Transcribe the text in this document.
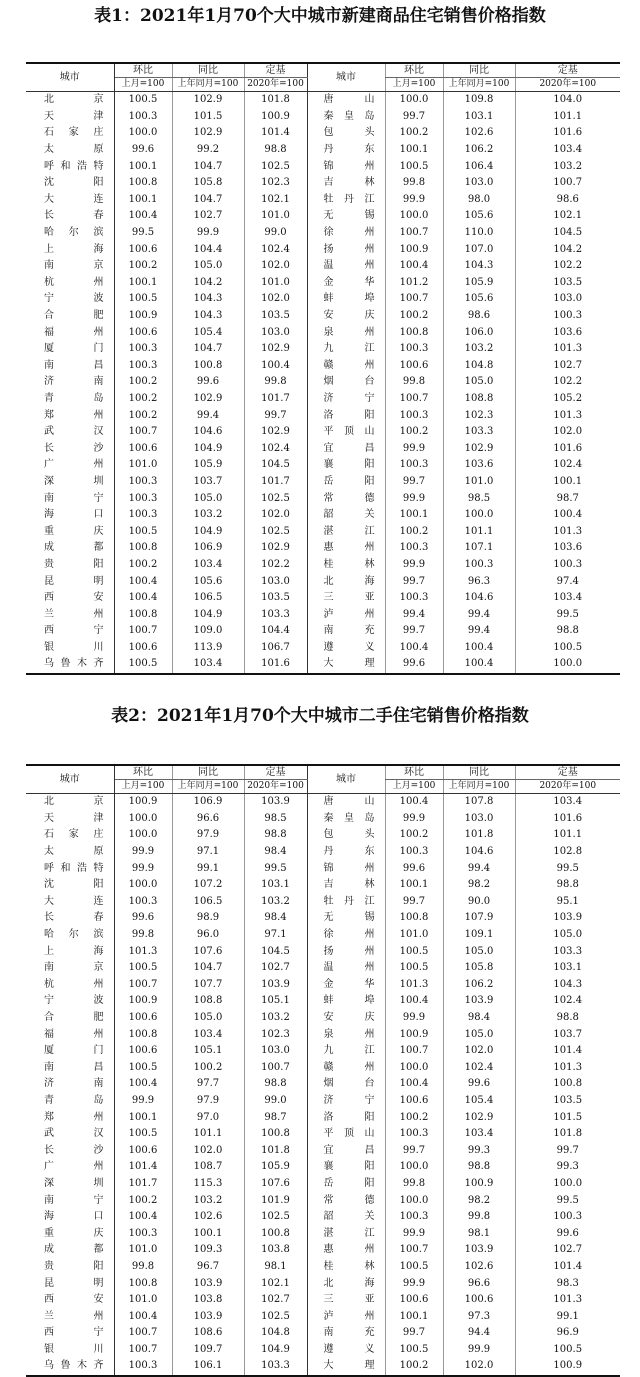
表1：2021年1月70个大中城市新建商品住宅销售价格指数
城市	环比	同比	定基	城市	环比	同比	定基
	上月=100	上年同月=100	2020年=100		上月=100	上年同月=100	2020年=100
北京	100.5	102.9	101.8	唐山	100.0	109.8	104.0
天津	100.3	101.5	100.9	秦皇岛	99.7	103.1	101.1
石家庄	100.0	102.9	101.4	包头	100.2	102.6	101.6
太原	99.6	99.2	98.8	丹东	100.1	106.2	103.4
呼和浩特	100.1	104.7	102.5	锦州	100.5	106.4	103.2
沈阳	100.8	105.8	102.3	吉林	99.8	103.0	100.7
大连	100.1	104.7	102.1	牡丹江	99.9	98.0	98.6
长春	100.4	102.7	101.0	无锡	100.0	105.6	102.1
哈尔滨	99.5	99.9	99.0	徐州	100.7	110.0	104.5
上海	100.6	104.4	102.4	扬州	100.9	107.0	104.2
南京	100.2	105.0	102.0	温州	100.4	104.3	102.2
杭州	100.1	104.2	101.0	金华	101.2	105.9	103.5
宁波	100.5	104.3	102.0	蚌埠	100.7	105.6	103.0
合肥	100.9	104.3	103.5	安庆	100.2	98.6	100.3
福州	100.6	105.4	103.0	泉州	100.8	106.0	103.6
厦门	100.3	104.7	102.9	九江	100.3	103.2	101.3
南昌	100.3	100.8	100.4	赣州	100.6	104.8	102.7
济南	100.2	99.6	99.8	烟台	99.8	105.0	102.2
青岛	100.2	102.9	101.7	济宁	100.7	108.8	105.2
郑州	100.2	99.4	99.7	洛阳	100.3	102.3	101.3
武汉	100.7	104.6	102.9	平顶山	100.2	103.3	102.0
长沙	100.6	104.9	102.4	宜昌	99.9	102.9	101.6
广州	101.0	105.9	104.5	襄阳	100.3	103.6	102.4
深圳	100.3	103.7	101.7	岳阳	99.7	101.0	100.1
南宁	100.3	105.0	102.5	常德	99.9	98.5	98.7
海口	100.3	103.2	102.0	韶关	100.1	100.0	100.4
重庆	100.5	104.9	102.5	湛江	100.2	101.1	101.3
成都	100.8	106.9	102.9	惠州	100.3	107.1	103.6
贵阳	100.2	103.4	102.2	桂林	99.9	100.3	100.3
昆明	100.4	105.6	103.0	北海	99.7	96.3	97.4
西安	100.4	106.5	103.5	三亚	100.3	104.6	103.4
兰州	100.8	104.9	103.3	泸州	99.4	99.4	99.5
西宁	100.7	109.0	104.4	南充	99.7	99.4	98.8
银川	100.6	113.9	106.7	遵义	100.4	100.4	100.5
乌鲁木齐	100.5	103.4	101.6	大理	99.6	100.4	100.0
表2：2021年1月70个大中城市二手住宅销售价格指数
城市	环比	同比	定基	城市	环比	同比	定基
	上月=100	上年同月=100	2020年=100		上月=100	上年同月=100	2020年=100
北京	100.9	106.9	103.9	唐山	100.4	107.8	103.4
天津	100.0	96.6	98.5	秦皇岛	99.9	103.0	101.6
石家庄	100.0	97.9	98.8	包头	100.2	101.8	101.1
太原	99.9	97.1	98.4	丹东	100.3	104.6	102.8
呼和浩特	99.9	99.1	99.5	锦州	99.6	99.4	99.5
沈阳	100.0	107.2	103.1	吉林	100.1	98.2	98.8
大连	100.3	106.5	103.2	牡丹江	99.7	90.0	95.1
长春	99.6	98.9	98.4	无锡	100.8	107.9	103.9
哈尔滨	99.8	96.0	97.1	徐州	101.0	109.1	105.0
上海	101.3	107.6	104.5	扬州	100.5	105.0	103.3
南京	100.5	104.7	102.7	温州	100.5	105.8	103.1
杭州	100.7	107.7	103.9	金华	101.3	106.2	104.3
宁波	100.9	108.8	105.1	蚌埠	100.4	103.9	102.4
合肥	100.6	105.0	103.2	安庆	99.9	98.4	98.8
福州	100.8	103.4	102.3	泉州	100.9	105.0	103.7
厦门	100.6	105.1	103.0	九江	100.7	102.0	101.4
南昌	100.5	100.2	100.7	赣州	100.0	102.4	101.3
济南	100.4	97.7	98.8	烟台	100.4	99.6	100.8
青岛	99.9	97.9	99.0	济宁	100.6	105.4	103.5
郑州	100.1	97.0	98.7	洛阳	100.2	102.9	101.5
武汉	100.5	101.1	100.8	平顶山	100.3	103.4	101.8
长沙	100.6	102.0	101.8	宜昌	99.7	99.3	99.7
广州	101.4	108.7	105.9	襄阳	100.0	98.8	99.3
深圳	101.7	115.3	107.6	岳阳	99.8	100.9	100.0
南宁	100.2	103.2	101.9	常德	100.0	98.2	99.5
海口	100.4	102.6	102.5	韶关	100.3	99.8	100.3
重庆	100.3	100.1	100.8	湛江	99.9	98.1	99.6
成都	101.0	109.3	103.8	惠州	100.7	103.9	102.7
贵阳	99.8	96.7	98.1	桂林	100.5	102.6	101.4
昆明	100.8	103.9	102.1	北海	99.9	96.6	98.3
西安	101.0	103.8	102.7	三亚	100.6	100.6	101.3
兰州	100.4	103.9	102.5	泸州	100.1	97.3	99.1
西宁	100.7	108.6	104.8	南充	99.7	94.4	96.9
银川	100.7	109.7	104.9	遵义	100.5	99.9	100.5
乌鲁木齐	100.3	106.1	103.3	大理	100.2	102.0	100.9
